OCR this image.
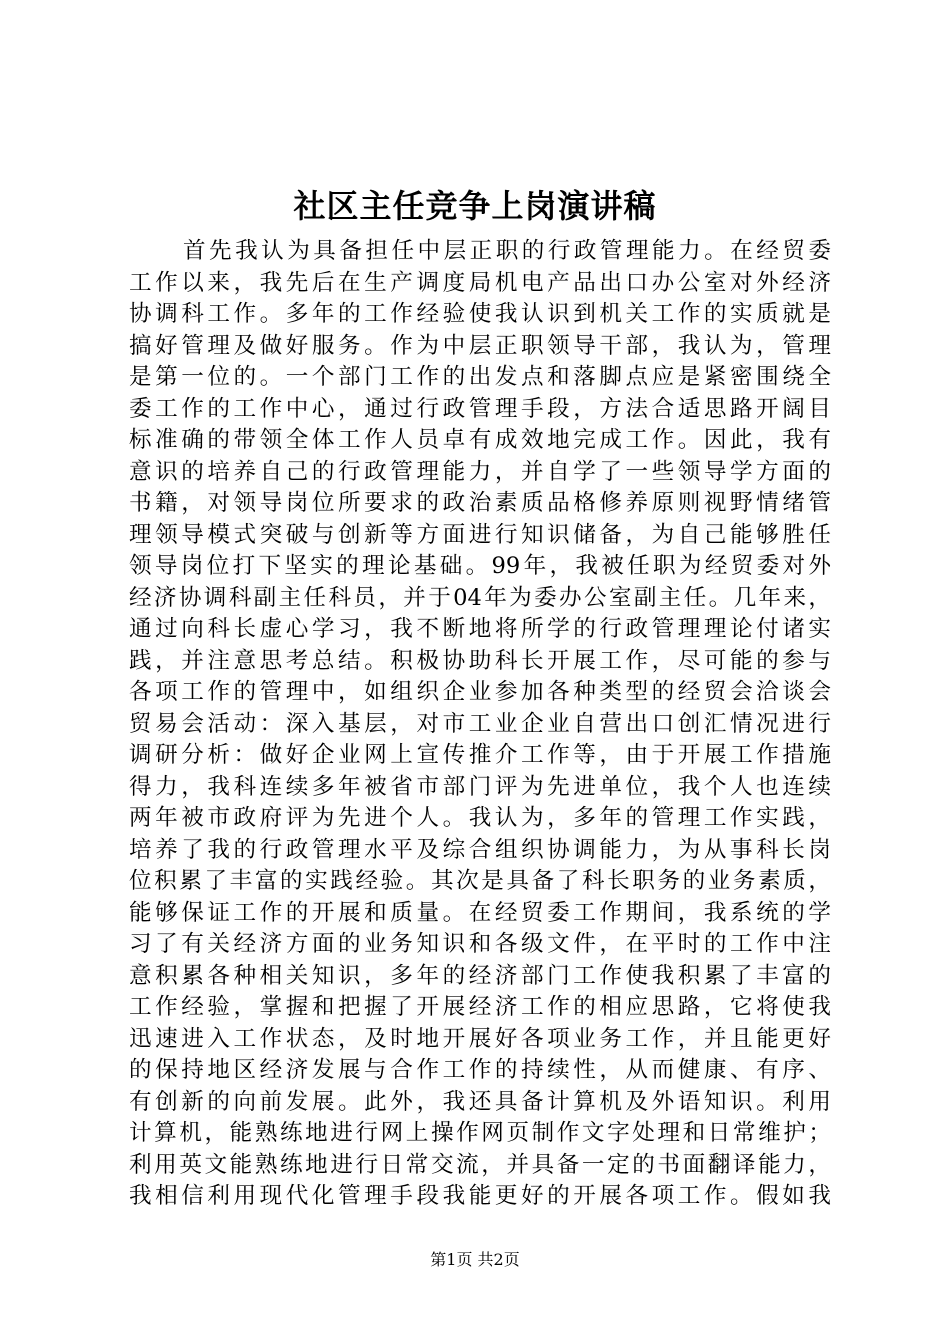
社区主任竞争上岗演讲稿
首先我认为具备担任中层正职的行政管理能力。在经贸委
工作以来，我先后在生产调度局机电产品出口办公室对外经济
协调科工作。多年的工作经验使我认识到机关工作的实质就是
搞好管理及做好服务。作为中层正职领导干部，我认为，管理
是第一位的。一个部门工作的出发点和落脚点应是紧密围绕全
委工作的工作中心，通过行政管理手段，方法合适思路开阔目
标准确的带领全体工作人员卓有成效地完成工作。因此，我有
意识的培养自己的行政管理能力，并自学了一些领导学方面的
书籍，对领导岗位所要求的政治素质品格修养原则视野情绪管
理领导模式突破与创新等方面进行知识储备，为自己能够胜任
领导岗位打下坚实的理论基础。99年，我被任职为经贸委对外
经济协调科副主任科员，并于04年为委办公室副主任。几年来，
通过向科长虚心学习，我不断地将所学的行政管理理论付诸实
践，并注意思考总结。积极协助科长开展工作，尽可能的参与
各项工作的管理中，如组织企业参加各种类型的经贸会洽谈会
贸易会活动：深入基层，对市工业企业自营出口创汇情况进行
调研分析：做好企业网上宣传推介工作等，由于开展工作措施
得力，我科连续多年被省市部门评为先进单位，我个人也连续
两年被市政府评为先进个人。我认为，多年的管理工作实践，
培养了我的行政管理水平及综合组织协调能力，为从事科长岗
位积累了丰富的实践经验。其次是具备了科长职务的业务素质，
能够保证工作的开展和质量。在经贸委工作期间，我系统的学
习了有关经济方面的业务知识和各级文件，在平时的工作中注
意积累各种相关知识，多年的经济部门工作使我积累了丰富的
工作经验，掌握和把握了开展经济工作的相应思路，它将使我
迅速进入工作状态，及时地开展好各项业务工作，并且能更好
的保持地区经济发展与合作工作的持续性，从而健康、有序、
有创新的向前发展。此外，我还具备计算机及外语知识。利用
计算机，能熟练地进行网上操作网页制作文字处理和日常维护；
利用英文能熟练地进行日常交流，并具备一定的书面翻译能力，
我相信利用现代化管理手段我能更好的开展各项工作。假如我
第1页 共2页
